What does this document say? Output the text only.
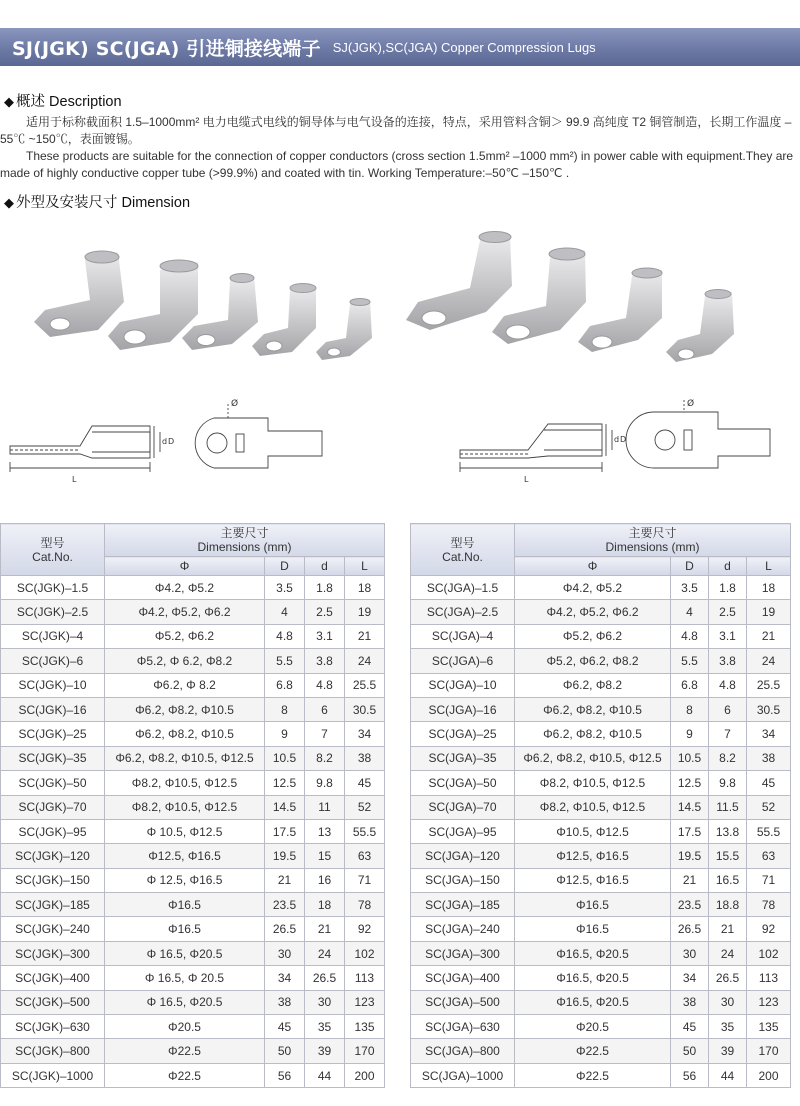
SJ(JGK) SC(JGA) 引进铜接线端子 SJ(JGK),SC(JGA) Copper Compression Lugs
◆ 概述 Description

适用于标称截面积 1.5–1000mm² 电力电缆式电线的铜导体与电气设备的连接，特点，采用管料含铜＞ 99.9 高纯度 T2 铜管制造，长期工作温度 –55℃ ~150℃，表面镀锡。

These products are suitable for the connection of copper conductors (cross section 1.5mm² –1000 mm²) in power cable with equipment.They are made of highly conductive copper tube (>99.9%) and coated with tin. Working Temperature:–50℃ –150℃ .

◆ 外型及安装尺寸 Dimension
L
d D
Ø
L
d D
Ø
型号
Cat.No.	主要尺寸
Dimensions (mm)			
	Φ	D	d	L
SC(JGK)–1.5	Φ4.2, Φ5.2	3.5	1.8	18
SC(JGK)–2.5	Φ4.2, Φ5.2, Φ6.2	4	2.5	19
SC(JGK)–4	Φ5.2, Φ6.2	4.8	3.1	21
SC(JGK)–6	Φ5.2, Φ 6.2, Φ8.2	5.5	3.8	24
SC(JGK)–10	Φ6.2, Φ 8.2	6.8	4.8	25.5
SC(JGK)–16	Φ6.2, Φ8.2, Φ10.5	8	6	30.5
SC(JGK)–25	Φ6.2, Φ8.2, Φ10.5	9	7	34
SC(JGK)–35	Φ6.2, Φ8.2, Φ10.5, Φ12.5	10.5	8.2	38
SC(JGK)–50	Φ8.2, Φ10.5, Φ12.5	12.5	9.8	45
SC(JGK)–70	Φ8.2, Φ10.5, Φ12.5	14.5	11	52
SC(JGK)–95	Φ 10.5, Φ12.5	17.5	13	55.5
SC(JGK)–120	Φ12.5, Φ16.5	19.5	15	63
SC(JGK)–150	Φ 12.5, Φ16.5	21	16	71
SC(JGK)–185	Φ16.5	23.5	18	78
SC(JGK)–240	Φ16.5	26.5	21	92
SC(JGK)–300	Φ 16.5, Φ20.5	30	24	102
SC(JGK)–400	Φ 16.5, Φ 20.5	34	26.5	113
SC(JGK)–500	Φ 16.5, Φ20.5	38	30	123
SC(JGK)–630	Φ20.5	45	35	135
SC(JGK)–800	Φ22.5	50	39	170
SC(JGK)–1000	Φ22.5	56	44	200
型号
Cat.No.	主要尺寸
Dimensions (mm)			
	Φ	D	d	L
SC(JGA)–1.5	Φ4.2, Φ5.2	3.5	1.8	18
SC(JGA)–2.5	Φ4.2, Φ5.2, Φ6.2	4	2.5	19
SC(JGA)–4	Φ5.2, Φ6.2	4.8	3.1	21
SC(JGA)–6	Φ5.2, Φ6.2, Φ8.2	5.5	3.8	24
SC(JGA)–10	Φ6.2, Φ8.2	6.8	4.8	25.5
SC(JGA)–16	Φ6.2, Φ8.2, Φ10.5	8	6	30.5
SC(JGA)–25	Φ6.2, Φ8.2, Φ10.5	9	7	34
SC(JGA)–35	Φ6.2, Φ8.2, Φ10.5, Φ12.5	10.5	8.2	38
SC(JGA)–50	Φ8.2, Φ10.5, Φ12.5	12.5	9.8	45
SC(JGA)–70	Φ8.2, Φ10.5, Φ12.5	14.5	11.5	52
SC(JGA)–95	Φ10.5, Φ12.5	17.5	13.8	55.5
SC(JGA)–120	Φ12.5, Φ16.5	19.5	15.5	63
SC(JGA)–150	Φ12.5, Φ16.5	21	16.5	71
SC(JGA)–185	Φ16.5	23.5	18.8	78
SC(JGA)–240	Φ16.5	26.5	21	92
SC(JGA)–300	Φ16.5, Φ20.5	30	24	102
SC(JGA)–400	Φ16.5, Φ20.5	34	26.5	113
SC(JGA)–500	Φ16.5, Φ20.5	38	30	123
SC(JGA)–630	Φ20.5	45	35	135
SC(JGA)–800	Φ22.5	50	39	170
SC(JGA)–1000	Φ22.5	56	44	200
